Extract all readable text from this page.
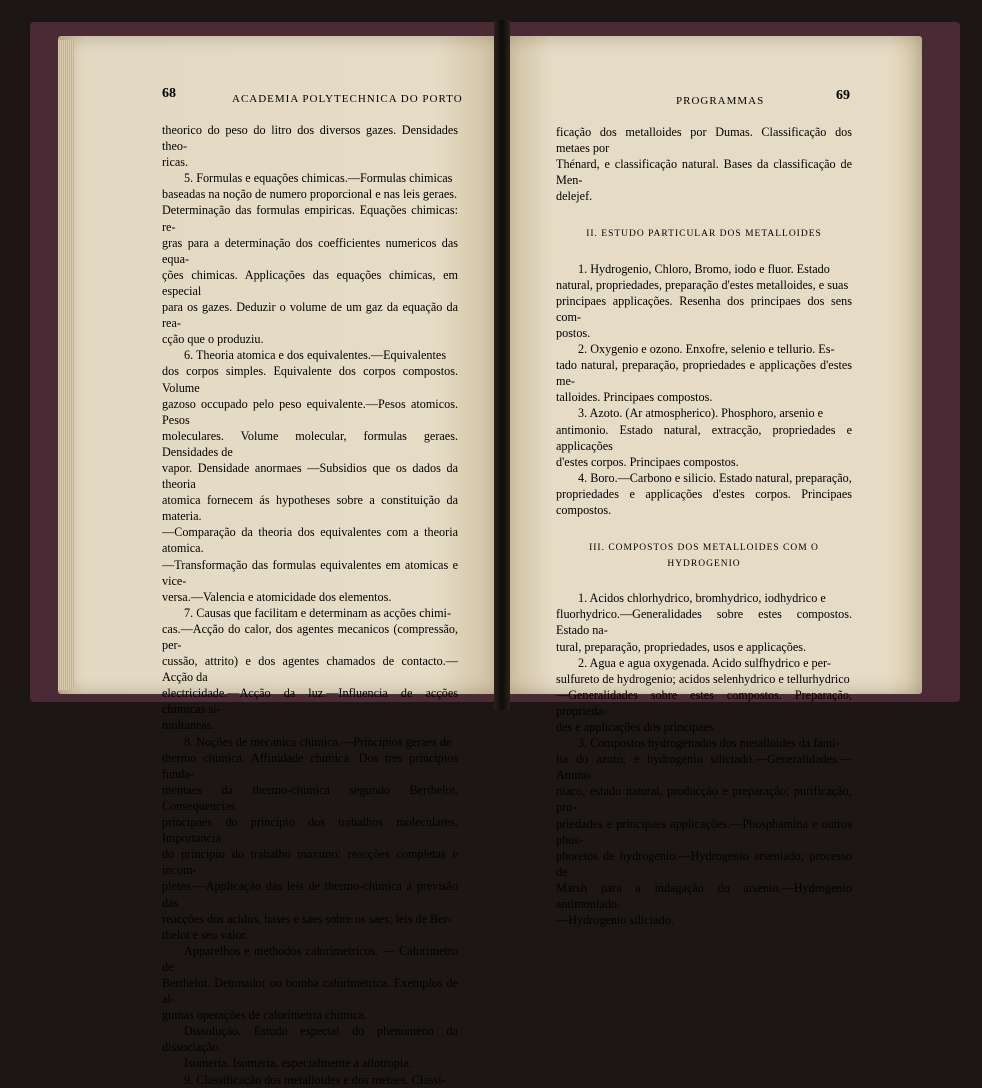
68	ACADEMIA POLYTECHNICA DO PORTO	69
PROGRAMMAS

theorico do peso do litro dos diversos gazes. Densidades theo-

ricas.

5. Formulas e equações chimicas.—Formulas chimicas

baseadas na noção de numero proporcional e nas leis geraes.

Determinação das formulas empiricas. Equações chimicas: re-

gras para a determinação dos coefficientes numericos das equa-

ções chimicas. Applicações das equações chimicas, em especial

para os gazes. Deduzir o volume de um gaz da equação da rea-

cção que o produziu.

6. Theoria atomica e dos equivalentes.—Equivalentes

dos corpos simples. Equivalente dos corpos compostos. Volume

gazoso occupado pelo peso equivalente.—Pesos atomicos. Pesos

moleculares. Volume molecular, formulas geraes. Densidades de

vapor. Densidade anormaes —Subsidios que os dados da theoria

atomica fornecem ás hypotheses sobre a constituição da materia.

—Comparação da theoria dos equivalentes com a theoria atomica.

—Transformação das formulas equivalentes em atomicas e vice-

versa.—Valencia e atomicidade dos elementos.

7. Causas que facilitam e determinam as acções chimi-

cas.—Acção do calor, dos agentes mecanicos (compressão, per-

cussão, attrito) e dos agentes chamados de contacto.—Acção da

electricidade.—Acção da luz.—Influencia de acções chimicas si-

multaneas.

8. Noções de mecanica chimica.—Principios geraes de

thermo chimica. Affinidade chimica. Dos tres principios funda-

mentaes da thermo-chimica segundo Berthelot. Consequencias

principaes do principio dos trabalhos moleculares. Importancia

do principio do trabalho maximo: reacções completas e incom-

pletas.—Applicação das leis de thermo-chimica á previsão das

reacções dos acidos, bases e saes sobre os saes; leis de Ber-

thelot e seu valor.

Apparelhos e methodos calorimetricos. — Calorimetro de

Berthelot. Detonador ou bomba calorimetrica. Exemplos de al-

gumas operações de calorimetria chimica.

Dissolução. Estudo especial do phenomeno da dissociação.

Isomeria. Isomeria, especialmente a allotropia.

9. Classificação dos metalloides e dos metaes. Classi-

ficação dos metalloides por Dumas. Classificação dos metaes por

Thénard, e classificação natural. Bases da classificação de Men-

delejef.

II. ESTUDO PARTICULAR DOS METALLOIDES

1. Hydrogenio, Chloro, Bromo, iodo e fluor. Estado

natural, propriedades, preparação d'estes metalloides, e suas

principaes applicações. Resenha dos principaes dos sens com-

postos.

2. Oxygenio e ozono. Enxofre, selenio e tellurio. Es-

tado natural, preparação, propriedades e applicações d'estes me-

talloides. Principaes compostos.

3. Azoto. (Ar atmospherico). Phosphoro, arsenio e

antimonio. Estado natural, extracção, propriedades e applicações

d'estes corpos. Principaes compostos.

4. Boro.—Carbono e silicio. Estado natural, preparação,

propriedades e applicações d'estes corpos. Principaes compostos.

III. COMPOSTOS DOS METALLOIDES COM O HYDROGENIO

1. Acidos chlorhydrico, bromhydrico, iodhydrico e

fluorhydrico.—Generalidades sobre estes compostos. Estado na-

tural, preparação, propriedades, usos e applicações.

2. Agua e agua oxygenada. Acido sulfhydrico e per-

sulfureto de hydrogenio; acidos selenhydrico e tellurhydrico

—Generalidades sobre estes compostos. Preparação, proprieda-

des e applicações dos principaes.

3. Compostos hydrogenados dos metalloides da fami-

lia do azoto; e hydrogenio siliciado.—Generalidades.—Ammo-

niaco, estado natural, producção e preparação; purificação; pro-

priedades e principaes applicações.—Phosphamina e outros phos-

phoretos de hydrogenio.—Hydrogenio arseniado; processo de

Marsh para a indagação do arsenio.—Hydrogenio antimoniado.

—Hydrogenio siliciado.
